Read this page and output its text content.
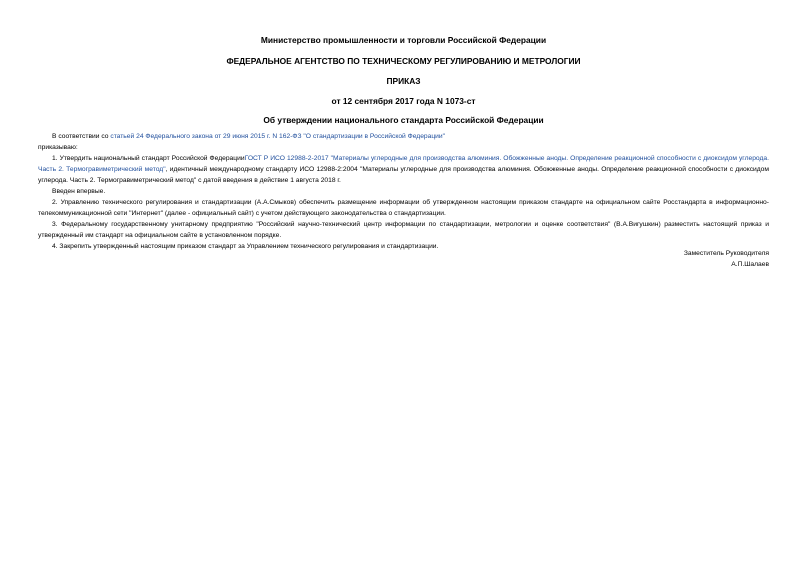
Министерство промышленности и торговли Российской Федерации
ФЕДЕРАЛЬНОЕ АГЕНТСТВО ПО ТЕХНИЧЕСКОМУ РЕГУЛИРОВАНИЮ И МЕТРОЛОГИИ
ПРИКАЗ
от 12 сентября 2017 года N 1073-ст
Об утверждении национального стандарта Российской Федерации

В соответствии со статьей 24 Федерального закона от 29 июня 2015 г. N 162-ФЗ "О стандартизации в Российской Федерации"

приказываю:

1. Утвердить национальный стандарт Российской ФедерацииГОСТ Р ИСО 12988-2-2017 "Материалы углеродные для производства алюминия. Обожженные аноды. Определение реакционной способности с диоксидом углерода. Часть 2. Термогравиметрический метод", идентичный международному стандарту ИСО 12988-2:2004 "Материалы углеродные для производства алюминия. Обожженные аноды. Определение реакционной способности с диоксидом углерода. Часть 2. Термогравиметрический метод" с датой введения в действие 1 августа 2018 г.

Введен впервые.

2. Управлению технического регулирования и стандартизации (А.А.Смыков) обеспечить размещение информации об утвержденном настоящим приказом стандарте на официальном сайте Росстандарта в информационно-телекоммуникационной сети "Интернет" (далее - официальный сайт) с учетом действующего законодательства о стандартизации.

3. Федеральному государственному унитарному предприятию "Российский научно-технический центр информации по стандартизации, метрологии и оценке соответствия" (В.А.Вигушкин) разместить настоящий приказ и утвержденный им стандарт на официальном сайте в установленном порядке.

4. Закрепить утвержденный настоящим приказом стандарт за Управлением технического регулирования и стандартизации.

Заместитель Руководителя
А.П.Шалаев
